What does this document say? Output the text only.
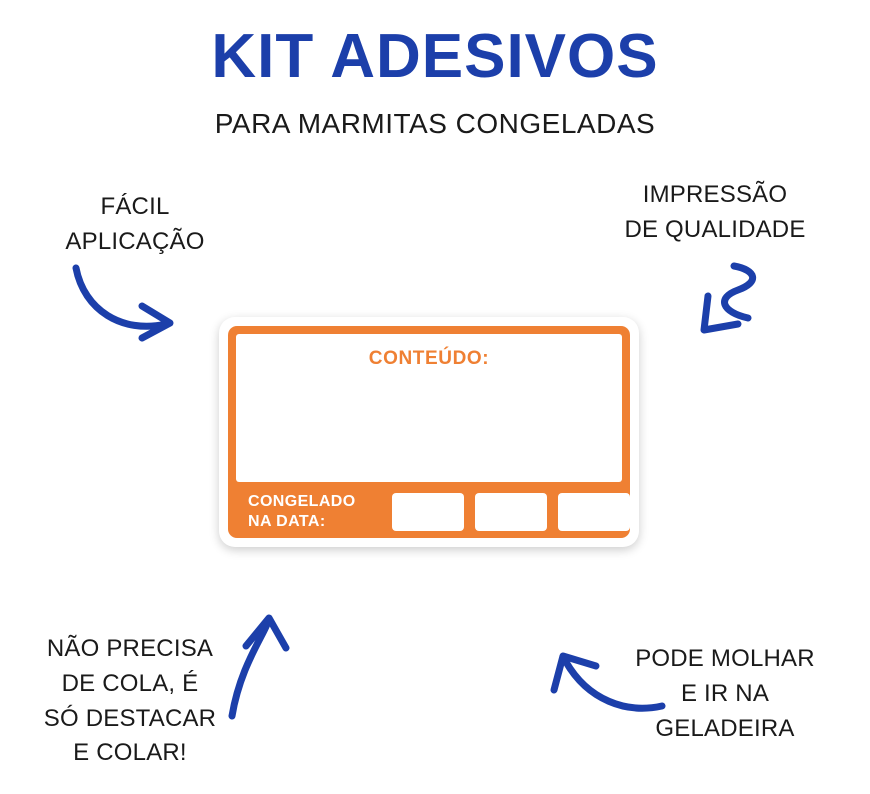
KIT ADESIVOS
PARA MARMITAS CONGELADAS
FÁCIL
APLICAÇÃO
IMPRESSÃO
DE QUALIDADE
NÃO PRECISA
DE COLA, É
SÓ DESTACAR
E COLAR!
PODE MOLHAR
E IR NA
GELADEIRA
CONTEÚDO:
CONGELADO
NA DATA:
